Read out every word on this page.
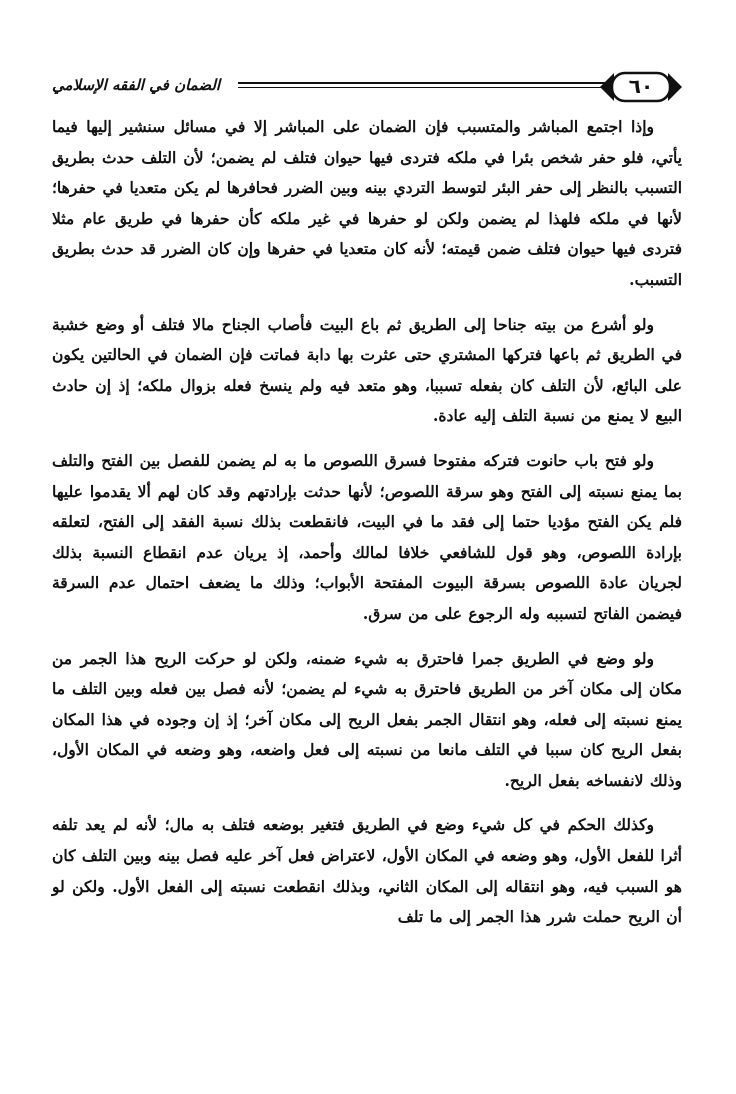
الضمان في الفقه الإسلامي	٦٠

وإذا اجتمع المباشر والمتسبب فإن الضمان على المباشر إلا في مسائل سنشير إليها فيما يأتي، فلو حفر شخص بئرا في ملكه فتردى فيها حيوان فتلف لم يضمن؛ لأن التلف حدث بطريق التسبب بالنظر إلى حفر البئر لتوسط التردي بينه وبين الضرر فحافرها لم يكن متعديا في حفرها؛ لأنها في ملكه فلهذا لم يضمن ولكن لو حفرها في غير ملكه كأن حفرها في طريق عام مثلا فتردى فيها حيوان فتلف ضمن قيمته؛ لأنه كان متعديا في حفرها وإن كان الضرر قد حدث بطريق التسبب.

ولو أشرع من بيته جناحا إلى الطريق ثم باع البيت فأصاب الجناح مالا فتلف أو وضع خشبة في الطريق ثم باعها فتركها المشتري حتى عثرت بها دابة فماتت فإن الضمان في الحالتين يكون على البائع، لأن التلف كان بفعله تسببا، وهو متعد فيه ولم ينسخ فعله بزوال ملكه؛ إذ إن حادث البيع لا يمنع من نسبة التلف إليه عادة.

ولو فتح باب حانوت فتركه مفتوحا فسرق اللصوص ما به لم يضمن للفصل بين الفتح والتلف بما يمنع نسبته إلى الفتح وهو سرقة اللصوص؛ لأنها حدثت بإرادتهم وقد كان لهم ألا يقدموا عليها فلم يكن الفتح مؤديا حتما إلى فقد ما في البيت، فانقطعت بذلك نسبة الفقد إلى الفتح، لتعلقه بإرادة اللصوص، وهو قول للشافعي خلافا لمالك وأحمد، إذ يريان عدم انقطاع النسبة بذلك لجريان عادة اللصوص بسرقة البيوت المفتحة الأبواب؛ وذلك ما يضعف احتمال عدم السرقة فيضمن الفاتح لتسببه وله الرجوع على من سرق.

ولو وضع في الطريق جمرا فاحترق به شيء ضمنه، ولكن لو حركت الريح هذا الجمر من مكان إلى مكان آخر من الطريق فاحترق به شيء لم يضمن؛ لأنه فصل بين فعله وبين التلف ما يمنع نسبته إلى فعله، وهو انتقال الجمر بفعل الريح إلى مكان آخر؛ إذ إن وجوده في هذا المكان بفعل الريح كان سببا في التلف مانعا من نسبته إلى فعل واضعه، وهو وضعه في المكان الأول، وذلك لانفساخه بفعل الريح.

وكذلك الحكم في كل شيء وضع في الطريق فتغير بوضعه فتلف به مال؛ لأنه لم يعد تلفه أثرا للفعل الأول، وهو وضعه في المكان الأول، لاعتراض فعل آخر عليه فصل بينه وبين التلف كان هو السبب فيه، وهو انتقاله إلى المكان الثاني، وبذلك انقطعت نسبته إلى الفعل الأول. ولكن لو أن الريح حملت شرر هذا الجمر إلى ما تلف
